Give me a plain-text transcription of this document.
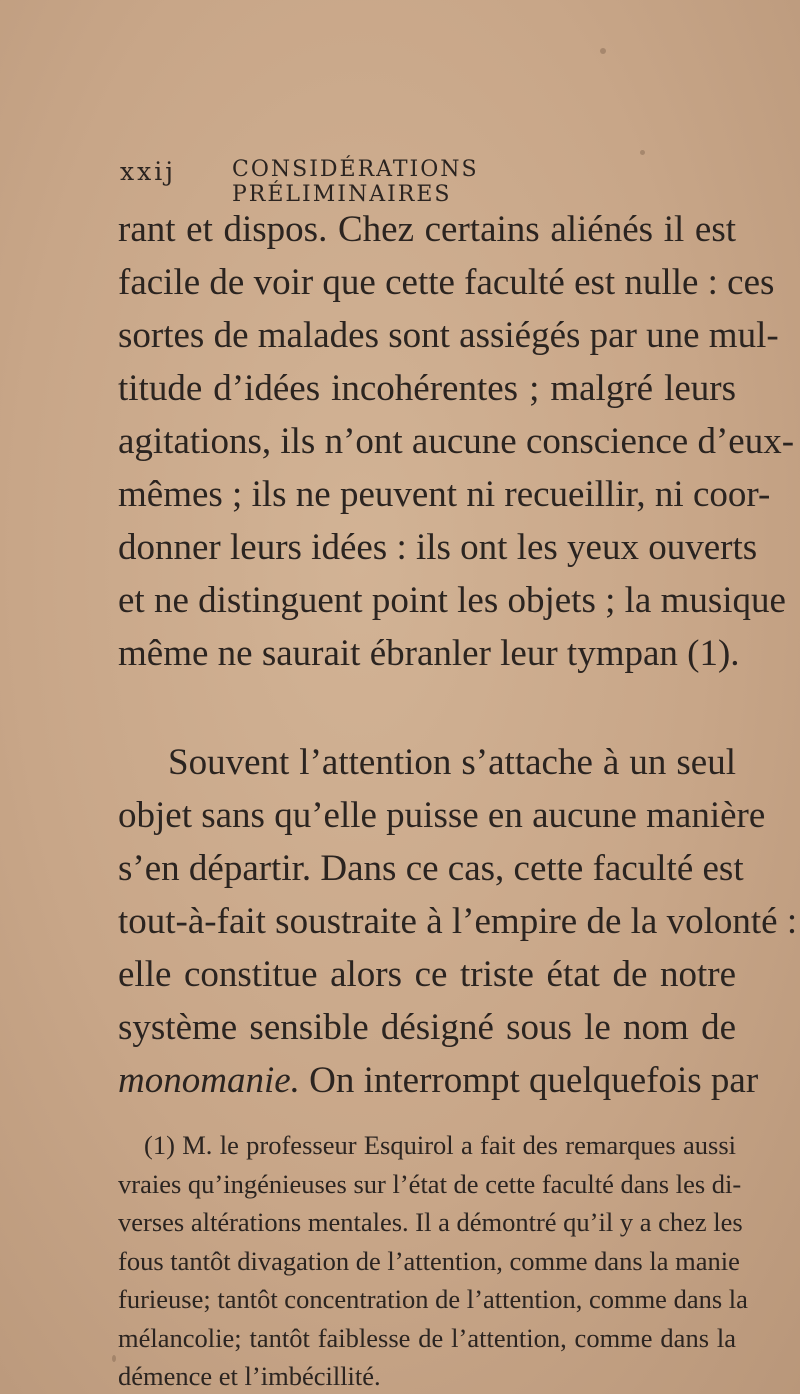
xxij	CONSIDÉRATIONS PRÉLIMINAIRES
rant et dispos. Chez certains aliénés il est
facile de voir que cette faculté est nulle : ces
sortes de malades sont assiégés par une mul-
titude d’idées incohérentes ; malgré leurs
agitations, ils n’ont aucune conscience d’eux-
mêmes ; ils ne peuvent ni recueillir, ni coor-
donner leurs idées : ils ont les yeux ouverts
et ne distinguent point les objets ; la musique
même ne saurait ébranler leur tympan (1).
Souvent l’attention s’attache à un seul
objet sans qu’elle puisse en aucune manière
s’en départir. Dans ce cas, cette faculté est
tout-à-fait soustraite à l’empire de la volonté :
elle constitue alors ce triste état de notre
système sensible désigné sous le nom de
monomanie. On interrompt quelquefois par
(1) M. le professeur Esquirol a fait des remarques aussi
vraies qu’ingénieuses sur l’état de cette faculté dans les di-
verses altérations mentales. Il a démontré qu’il y a chez les
fous tantôt divagation de l’attention, comme dans la manie
furieuse; tantôt concentration de l’attention, comme dans la
mélancolie; tantôt faiblesse de l’attention, comme dans la
démence et l’imbécillité.
